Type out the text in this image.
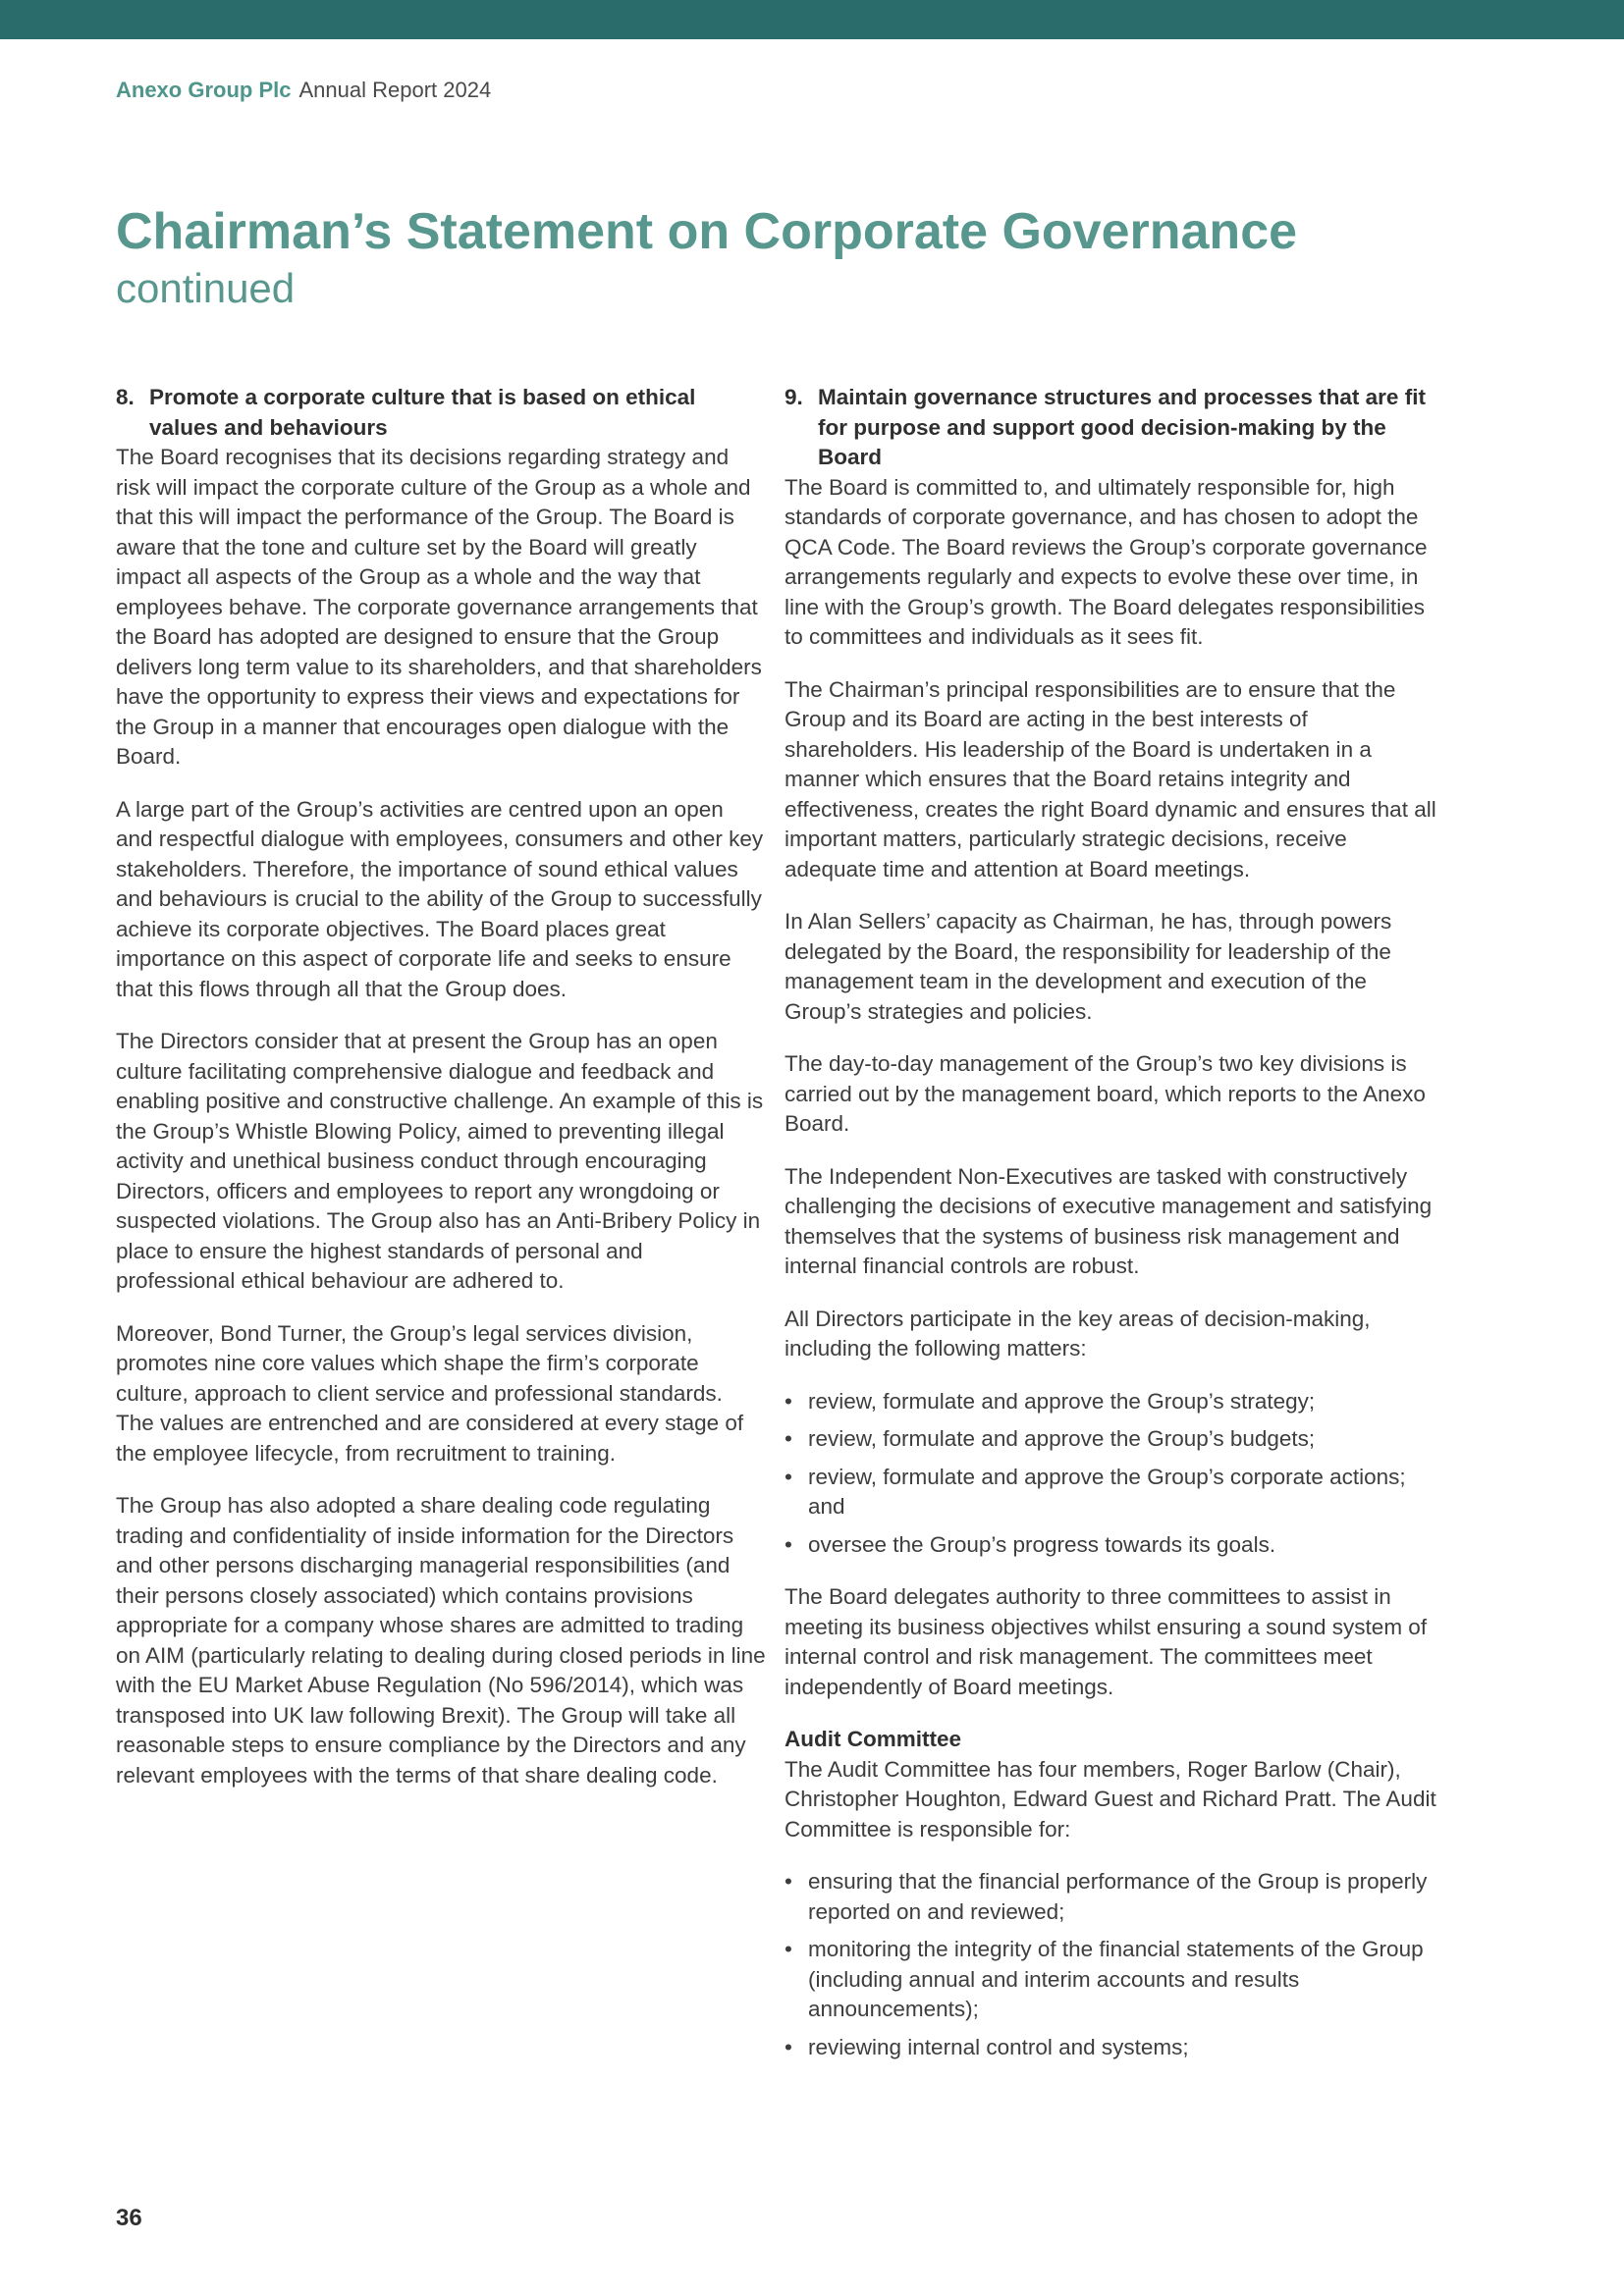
Anexo Group Plc Annual Report 2024
Chairman’s Statement on Corporate Governance
continued
8. Promote a corporate culture that is based on ethical values and behaviours

The Board recognises that its decisions regarding strategy and risk will impact the corporate culture of the Group as a whole and that this will impact the performance of the Group. The Board is aware that the tone and culture set by the Board will greatly impact all aspects of the Group as a whole and the way that employees behave. The corporate governance arrangements that the Board has adopted are designed to ensure that the Group delivers long term value to its shareholders, and that shareholders have the opportunity to express their views and expectations for the Group in a manner that encourages open dialogue with the Board.

A large part of the Group’s activities are centred upon an open and respectful dialogue with employees, consumers and other key stakeholders. Therefore, the importance of sound ethical values and behaviours is crucial to the ability of the Group to successfully achieve its corporate objectives. The Board places great importance on this aspect of corporate life and seeks to ensure that this flows through all that the Group does.

The Directors consider that at present the Group has an open culture facilitating comprehensive dialogue and feedback and enabling positive and constructive challenge. An example of this is the Group’s Whistle Blowing Policy, aimed to preventing illegal activity and unethical business conduct through encouraging Directors, officers and employees to report any wrongdoing or suspected violations. The Group also has an Anti-Bribery Policy in place to ensure the highest standards of personal and professional ethical behaviour are adhered to.

Moreover, Bond Turner, the Group’s legal services division, promotes nine core values which shape the firm’s corporate culture, approach to client service and professional standards. The values are entrenched and are considered at every stage of the employee lifecycle, from recruitment to training.

The Group has also adopted a share dealing code regulating trading and confidentiality of inside information for the Directors and other persons discharging managerial responsibilities (and their persons closely associated) which contains provisions appropriate for a company whose shares are admitted to trading on AIM (particularly relating to dealing during closed periods in line with the EU Market Abuse Regulation (No 596/2014), which was transposed into UK law following Brexit). The Group will take all reasonable steps to ensure compliance by the Directors and any relevant employees with the terms of that share dealing code.

9. Maintain governance structures and processes that are fit for purpose and support good decision-making by the Board

The Board is committed to, and ultimately responsible for, high standards of corporate governance, and has chosen to adopt the QCA Code. The Board reviews the Group’s corporate governance arrangements regularly and expects to evolve these over time, in line with the Group’s growth. The Board delegates responsibilities to committees and individuals as it sees fit.

The Chairman’s principal responsibilities are to ensure that the Group and its Board are acting in the best interests of shareholders. His leadership of the Board is undertaken in a manner which ensures that the Board retains integrity and effectiveness, creates the right Board dynamic and ensures that all important matters, particularly strategic decisions, receive adequate time and attention at Board meetings.

In Alan Sellers’ capacity as Chairman, he has, through powers delegated by the Board, the responsibility for leadership of the management team in the development and execution of the Group’s strategies and policies.

The day-to-day management of the Group’s two key divisions is carried out by the management board, which reports to the Anexo Board.

The Independent Non-Executives are tasked with constructively challenging the decisions of executive management and satisfying themselves that the systems of business risk management and internal financial controls are robust.

All Directors participate in the key areas of decision-making, including the following matters:

• review, formulate and approve the Group’s strategy;
• review, formulate and approve the Group’s budgets;
• review, formulate and approve the Group’s corporate actions; and
• oversee the Group’s progress towards its goals.

The Board delegates authority to three committees to assist in meeting its business objectives whilst ensuring a sound system of internal control and risk management. The committees meet independently of Board meetings.

Audit Committee

The Audit Committee has four members, Roger Barlow (Chair), Christopher Houghton, Edward Guest and Richard Pratt. The Audit Committee is responsible for:

• ensuring that the financial performance of the Group is properly reported on and reviewed;
• monitoring the integrity of the financial statements of the Group (including annual and interim accounts and results announcements);
• reviewing internal control and systems;
36
